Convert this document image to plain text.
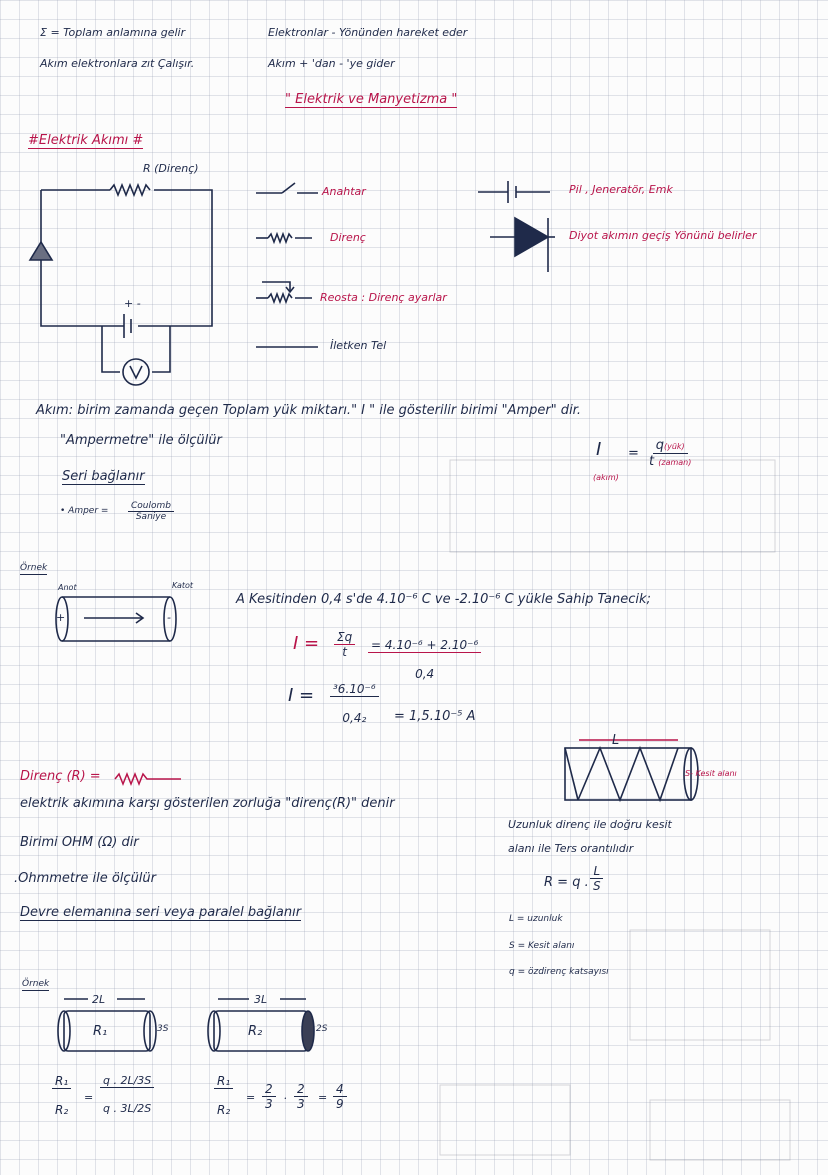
Σ = Toplam anlamına gelir
Akım elektronlara zıt Çalışır.
Elektronlar - Yönünden hareket eder
Akım + 'dan - 'ye gider
" Elektrik ve Manyetizma "
#Elektrik Akımı #
R (Direnç)
+ -
Anahtar
Direnç
Reosta : Direnç ayarlar
İletken Tel
Pil , Jeneratör, Emk
Diyot akımın geçiş Yönünü belirler
Akım: birim zamanda geçen Toplam yük miktarı." I " ile gösterilir birimi "Amper" dir.
"Ampermetre" ile ölçülür
Seri bağlanır
• Amper =	Coulomb
Saniye
I =
q(yük)
t (zaman)
(akım)
Örnek
Anot	Katot
+	-
A Kesitinden 0,4 s'de 4.10⁻⁶ C ve -2.10⁻⁶ C yükle Sahip Tanecik;
$I = \frac{\Sigma q}{t} \frac{\text{= 4.10⁻⁶ + 2.10⁻⁶}}{0,4}$
$I = \frac{\text{³6.10⁻⁶}}{\text{0,4₂}} = 1,5.10^{-5}$ A
Direnç (R) =
elektrik akımına karşı gösterilen zorluğa "direnç(R)" denir
Birimi OHM (Ω) dir
.Ohmmetre ile ölçülür
Devre elemanına seri veya paralel bağlanır
L
S- Kesit alanı
Uzunluk direnç ile doğru kesit
alanı ile Ters orantılıdır
R = q . $\frac{L}{S}$
L = uzunluk
S = Kesit alanı
q = özdirenç katsayısı
Örnek
2L
R₁	3S
3L
R₂	2S
$\frac{\text{R₁}}{\text{R₂}} = \frac{q . 2L/3S}{q . 3L/2S}$	$\frac{\text{R₁}}{\text{R₂}} = \frac{2}{3}$ . $\frac{2}{3} = \frac{4}{9}$
